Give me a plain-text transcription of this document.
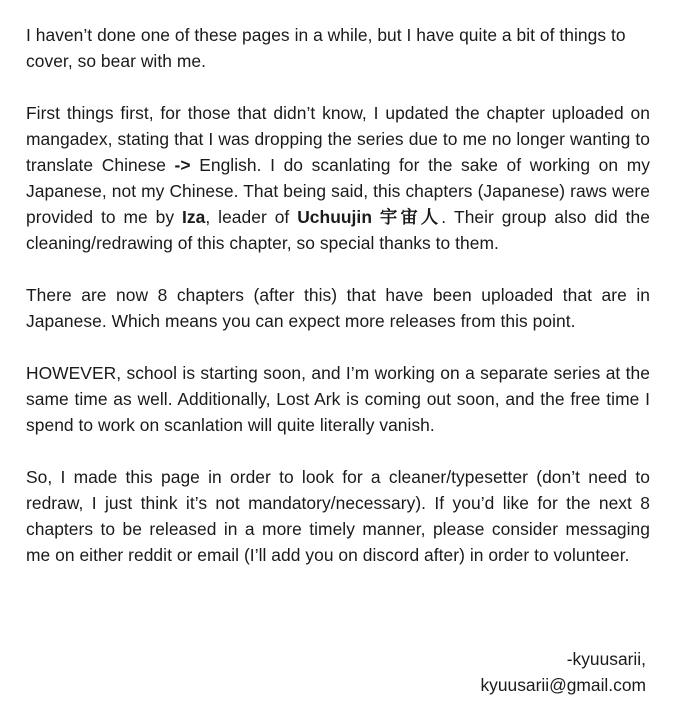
I haven’t done one of these pages in a while, but I have quite a bit of things to cover, so bear with me.

First things first, for those that didn’t know, I updated the chapter uploaded on mangadex, stating that I was dropping the series due to me no longer wanting to translate Chinese -> English. I do scanlating for the sake of working on my Japanese, not my Chinese. That being said, this chapters (Japanese) raws were provided to me by Iza, leader of Uchuujin 宇宙人. Their group also did the cleaning/redrawing of this chapter, so special thanks to them.

There are now 8 chapters (after this) that have been uploaded that are in Japanese. Which means you can expect more releases from this point.

HOWEVER, school is starting soon, and I’m working on a separate series at the same time as well. Additionally, Lost Ark is coming out soon, and the free time I spend to work on scanlation will quite literally vanish.

So, I made this page in order to look for a cleaner/typesetter (don’t need to redraw, I just think it’s not mandatory/necessary). If you’d like for the next 8 chapters to be released in a more timely manner, please consider messaging me on either reddit or email (I’ll add you on discord after) in order to volunteer.

-kyuusarii,
kyuusarii@gmail.com
